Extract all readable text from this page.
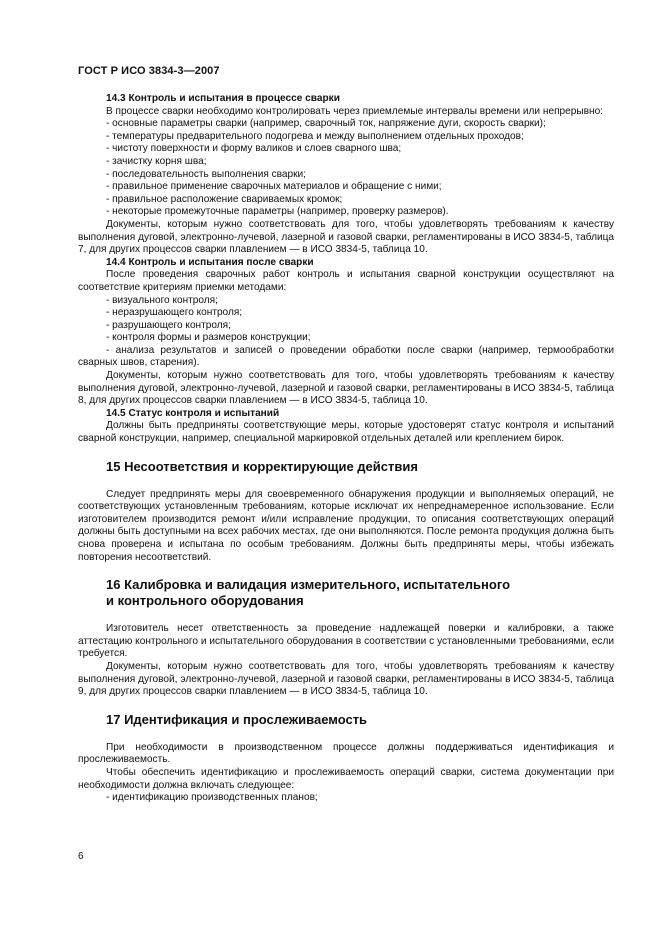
ГОСТ Р ИСО 3834-3—2007

14.3 Контроль и испытания в процессе сварки

В процессе сварки необходимо контролировать через приемлемые интервалы времени или непрерывно:

- основные параметры сварки (например, сварочный ток, напряжение дуги, скорость сварки);

- температуры предварительного подогрева и между выполнением отдельных проходов;

- чистоту поверхности и форму валиков и слоев сварного шва;

- зачистку корня шва;

- последовательность выполнения сварки;

- правильное применение сварочных материалов и обращение с ними;

- правильное расположение свариваемых кромок;

- некоторые промежуточные параметры (например, проверку размеров).

Документы, которым нужно соответствовать для того, чтобы удовлетворять требованиям к качеству выполнения дуговой, электронно-лучевой, лазерной и газовой сварки, регламентированы в ИСО 3834-5, таблица 7, для других процессов сварки плавлением — в ИСО 3834-5, таблица 10.

14.4 Контроль и испытания после сварки

После проведения сварочных работ контроль и испытания сварной конструкции осуществляют на соответствие критериям приемки методами:

- визуального контроля;

- неразрушающего контроля;

- разрушающего контроля;

- контроля формы и размеров конструкции;

- анализа результатов и записей о проведении обработки после сварки (например, термообработки сварных швов, старения).

Документы, которым нужно соответствовать для того, чтобы удовлетворять требованиям к качеству выполнения дуговой, электронно-лучевой, лазерной и газовой сварки, регламентированы в ИСО 3834-5, таблица 8, для других процессов сварки плавлением — в ИСО 3834-5, таблица 10.

14.5 Статус контроля и испытаний

Должны быть предприняты соответствующие меры, которые удостоверят статус контроля и испытаний сварной конструкции, например, специальной маркировкой отдельных деталей или креплением бирок.

15 Несоответствия и корректирующие действия

Следует предпринять меры для своевременного обнаружения продукции и выполняемых операций, не соответствующих установленным требованиям, которые исключат их непреднамеренное использование. Если изготовителем производится ремонт и/или исправление продукции, то описания соответствующих операций должны быть доступными на всех рабочих местах, где они выполняются. После ремонта продукция должна быть снова проверена и испытана по особым требованиям. Должны быть предприняты меры, чтобы избежать повторения несоответствий.

16 Калибровка и валидация измерительного, испытательного
и контрольного оборудования

Изготовитель несет ответственность за проведение надлежащей поверки и калибровки, а также аттестацию контрольного и испытательного оборудования в соответствии с установленными требованиями, если требуется.

Документы, которым нужно соответствовать для того, чтобы удовлетворять требованиям к качеству выполнения дуговой, электронно-лучевой, лазерной и газовой сварки, регламентированы в ИСО 3834-5, таблица 9, для других процессов сварки плавлением — в ИСО 3834-5, таблица 10.

17 Идентификация и прослеживаемость

При необходимости в производственном процессе должны поддерживаться идентификация и прослеживаемость.

Чтобы обеспечить идентификацию и прослеживаемость операций сварки, система документации при необходимости должна включать следующее:

- идентификацию производственных планов;

6
